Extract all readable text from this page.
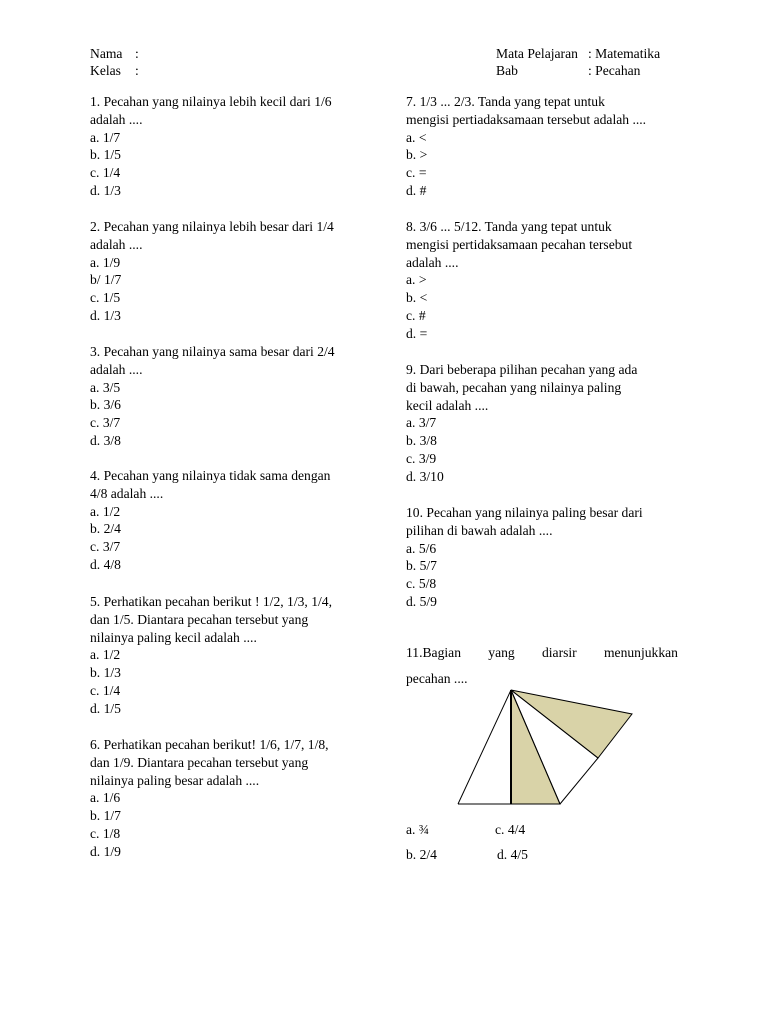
Nama :
Kelas :
Mata Pelajaran : Matematika
Bab	: Pecahan
1. Pecahan yang nilainya lebih kecil dari 1/6
adalah ....
a. 1/7
b. 1/5
c. 1/4
d. 1/3
2. Pecahan yang nilainya lebih besar dari 1/4
adalah ....
a. 1/9
b/ 1/7
c. 1/5
d. 1/3
3. Pecahan yang nilainya sama besar dari 2/4
adalah ....
a. 3/5
b. 3/6
c. 3/7
d. 3/8
4. Pecahan yang nilainya tidak sama dengan
4/8 adalah ....
a. 1/2
b. 2/4
c. 3/7
d. 4/8
5. Perhatikan pecahan berikut ! 1/2, 1/3, 1/4,
dan 1/5. Diantara pecahan tersebut yang
nilainya paling kecil adalah ....
a. 1/2
b. 1/3
c. 1/4
d. 1/5
6. Perhatikan pecahan berikut! 1/6, 1/7, 1/8,
dan 1/9. Diantara pecahan tersebut yang
nilainya paling besar adalah ....
a. 1/6
b. 1/7
c. 1/8
d. 1/9
7. 1/3 ... 2/3. Tanda yang tepat untuk
mengisi pertiadaksamaan tersebut adalah ....
a. <
b. >
c. =
d. #
8. 3/6 ... 5/12. Tanda yang tepat untuk
mengisi pertidaksamaan pecahan tersebut
adalah ....
a. >
b. <
c. #
d. =
9. Dari beberapa pilihan pecahan yang ada
di bawah, pecahan yang nilainya paling
kecil adalah ....
a. 3/7
b. 3/8
c. 3/9
d. 3/10
10. Pecahan yang nilainya paling besar dari
pilihan di bawah adalah ....
a. 5/6
b. 5/7
c. 5/8
d. 5/9
11.Bagian yang diarsir menunjukkan
pecahan ....
a. ¾	c. 4/4
b. 2/4	d. 4/5
